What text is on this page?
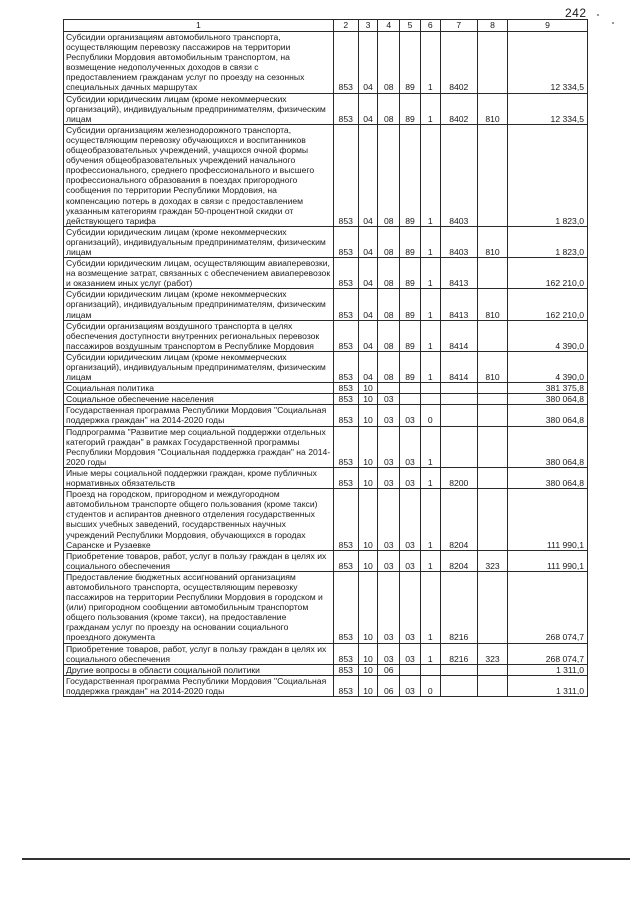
242
1	2	3	4	5	6	7	8	9
Субсидии организациям автомобильного транспорта, осуществляющим перевозку пассажиров на территории Республики Мордовия автомобильным транспортом, на возмещение недополученных доходов в связи с предоставлением гражданам услуг по проезду на сезонных специальных дачных маршрутах	853	04	08	89	1	8402		12 334,5
Субсидии юридическим лицам (кроме некоммерческих организаций), индивидуальным предпринимателям, физическим лицам	853	04	08	89	1	8402	810	12 334,5
Субсидии организациям железнодорожного транспорта, осуществляющим перевозку обучающихся и воспитанников общеобразовательных учреждений, учащихся очной формы обучения общеобразовательных учреждений начального профессионального, среднего профессионального и высшего профессионального образования в поездах пригородного сообщения по территории Республики Мордовия, на компенсацию потерь в доходах в связи с предоставлением указанным категориям граждан 50-процентной скидки от действующего тарифа	853	04	08	89	1	8403		1 823,0
Субсидии юридическим лицам (кроме некоммерческих организаций), индивидуальным предпринимателям, физическим лицам	853	04	08	89	1	8403	810	1 823,0
Субсидии юридическим лицам, осуществляющим авиаперевозки, на возмещение затрат, связанных с обеспечением авиаперевозок и оказанием иных услуг (работ)	853	04	08	89	1	8413		162 210,0
Субсидии юридическим лицам (кроме некоммерческих организаций), индивидуальным предпринимателям, физическим лицам	853	04	08	89	1	8413	810	162 210,0
Субсидии организациям воздушного транспорта в целях обеспечения доступности внутренних региональных перевозок пассажиров воздушным транспортом в Республике Мордовия	853	04	08	89	1	8414		4 390,0
Субсидии юридическим лицам (кроме некоммерческих организаций), индивидуальным предпринимателям, физическим лицам	853	04	08	89	1	8414	810	4 390,0
Социальная политика	853	10						381 375,8
Социальное обеспечение населения	853	10	03					380 064,8
Государственная программа Республики Мордовия "Социальная поддержка граждан" на 2014-2020 годы	853	10	03	03	0			380 064,8
Подпрограмма "Развитие мер социальной поддержки отдельных категорий граждан" в рамках Государственной программы Республики Мордовия "Социальная поддержка граждан" на 2014-2020 годы	853	10	03	03	1			380 064,8
Иные меры социальной поддержки граждан, кроме публичных нормативных обязательств	853	10	03	03	1	8200		380 064,8
Проезд на городском, пригородном и междугородном автомобильном транспорте общего пользования (кроме такси) студентов и аспирантов дневного отделения государственных высших учебных заведений, государственных научных учреждений Республики Мордовия, обучающихся в городах Саранске и Рузаевке	853	10	03	03	1	8204		111 990,1
Приобретение товаров, работ, услуг в пользу граждан в целях их социального обеспечения	853	10	03	03	1	8204	323	111 990,1
Предоставление бюджетных ассигнований организациям автомобильного транспорта, осуществляющим перевозку пассажиров на территории Республики Мордовия в городском и (или) пригородном сообщении автомобильным транспортом общего пользования (кроме такси), на предоставление гражданам услуг по проезду на основании социального проездного документа	853	10	03	03	1	8216		268 074,7
Приобретение товаров, работ, услуг в пользу граждан в целях их социального обеспечения	853	10	03	03	1	8216	323	268 074,7
Другие вопросы в области социальной политики	853	10	06					1 311,0
Государственная программа Республики Мордовия "Социальная поддержка граждан" на 2014-2020 годы	853	10	06	03	0			1 311,0
